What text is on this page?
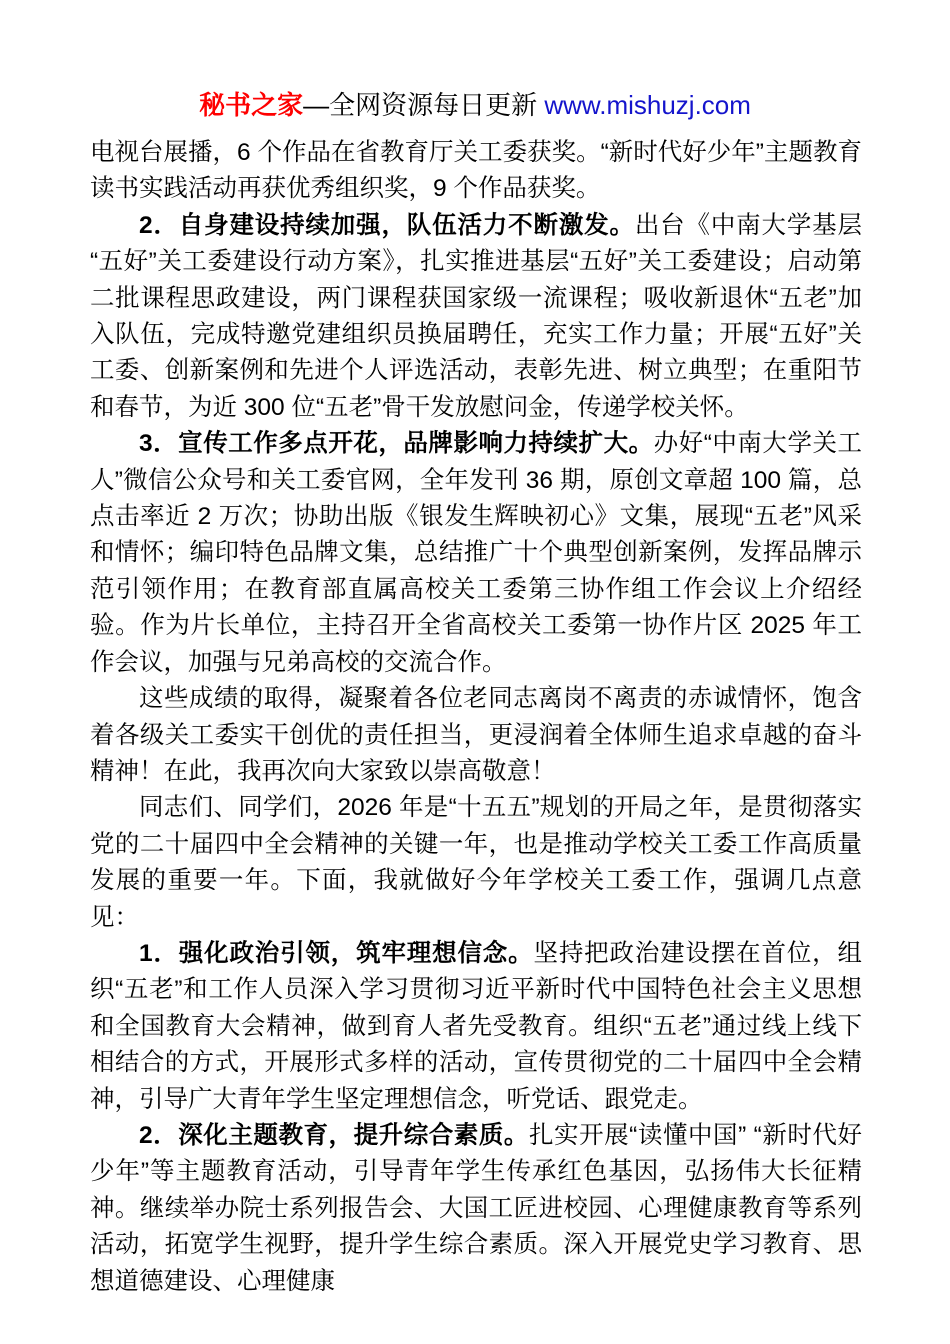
秘书之家—全网资源每日更新 www.mishuzj.com

电视台展播，6 个作品在省教育厅关工委获奖。“新时代好少年”主题教育读书实践活动再获优秀组织奖，9 个作品获奖。

2．自身建设持续加强，队伍活力不断激发。出台《中南大学基层“五好”关工委建设行动方案》，扎实推进基层“五好”关工委建设；启动第二批课程思政建设，两门课程获国家级一流课程；吸收新退休“五老”加入队伍，完成特邀党建组织员换届聘任，充实工作力量；开展“五好”关工委、创新案例和先进个人评选活动，表彰先进、树立典型；在重阳节和春节，为近 300 位“五老”骨干发放慰问金，传递学校关怀。

3．宣传工作多点开花，品牌影响力持续扩大。办好“中南大学关工人”微信公众号和关工委官网，全年发刊 36 期，原创文章超 100 篇，总点击率近 2 万次；协助出版《银发生辉映初心》文集，展现“五老”风采和情怀；编印特色品牌文集，总结推广十个典型创新案例，发挥品牌示范引领作用；在教育部直属高校关工委第三协作组工作会议上介绍经验。作为片长单位，主持召开全省高校关工委第一协作片区 2025 年工作会议，加强与兄弟高校的交流合作。

这些成绩的取得，凝聚着各位老同志离岗不离责的赤诚情怀，饱含着各级关工委实干创优的责任担当，更浸润着全体师生追求卓越的奋斗精神！在此，我再次向大家致以崇高敬意！

同志们、同学们，2026 年是“十五五”规划的开局之年，是贯彻落实党的二十届四中全会精神的关键一年，也是推动学校关工委工作高质量发展的重要一年。下面，我就做好今年学校关工委工作，强调几点意见：

1．强化政治引领，筑牢理想信念。坚持把政治建设摆在首位，组织“五老”和工作人员深入学习贯彻习近平新时代中国特色社会主义思想和全国教育大会精神，做到育人者先受教育。组织“五老”通过线上线下相结合的方式，开展形式多样的活动，宣传贯彻党的二十届四中全会精神，引导广大青年学生坚定理想信念，听党话、跟党走。

2．深化主题教育，提升综合素质。扎实开展“读懂中国” “新时代好少年”等主题教育活动，引导青年学生传承红色基因，弘扬伟大长征精神。继续举办院士系列报告会、大国工匠进校园、心理健康教育等系列活动，拓宽学生视野，提升学生综合素质。深入开展党史学习教育、思想道德建设、心理健康
